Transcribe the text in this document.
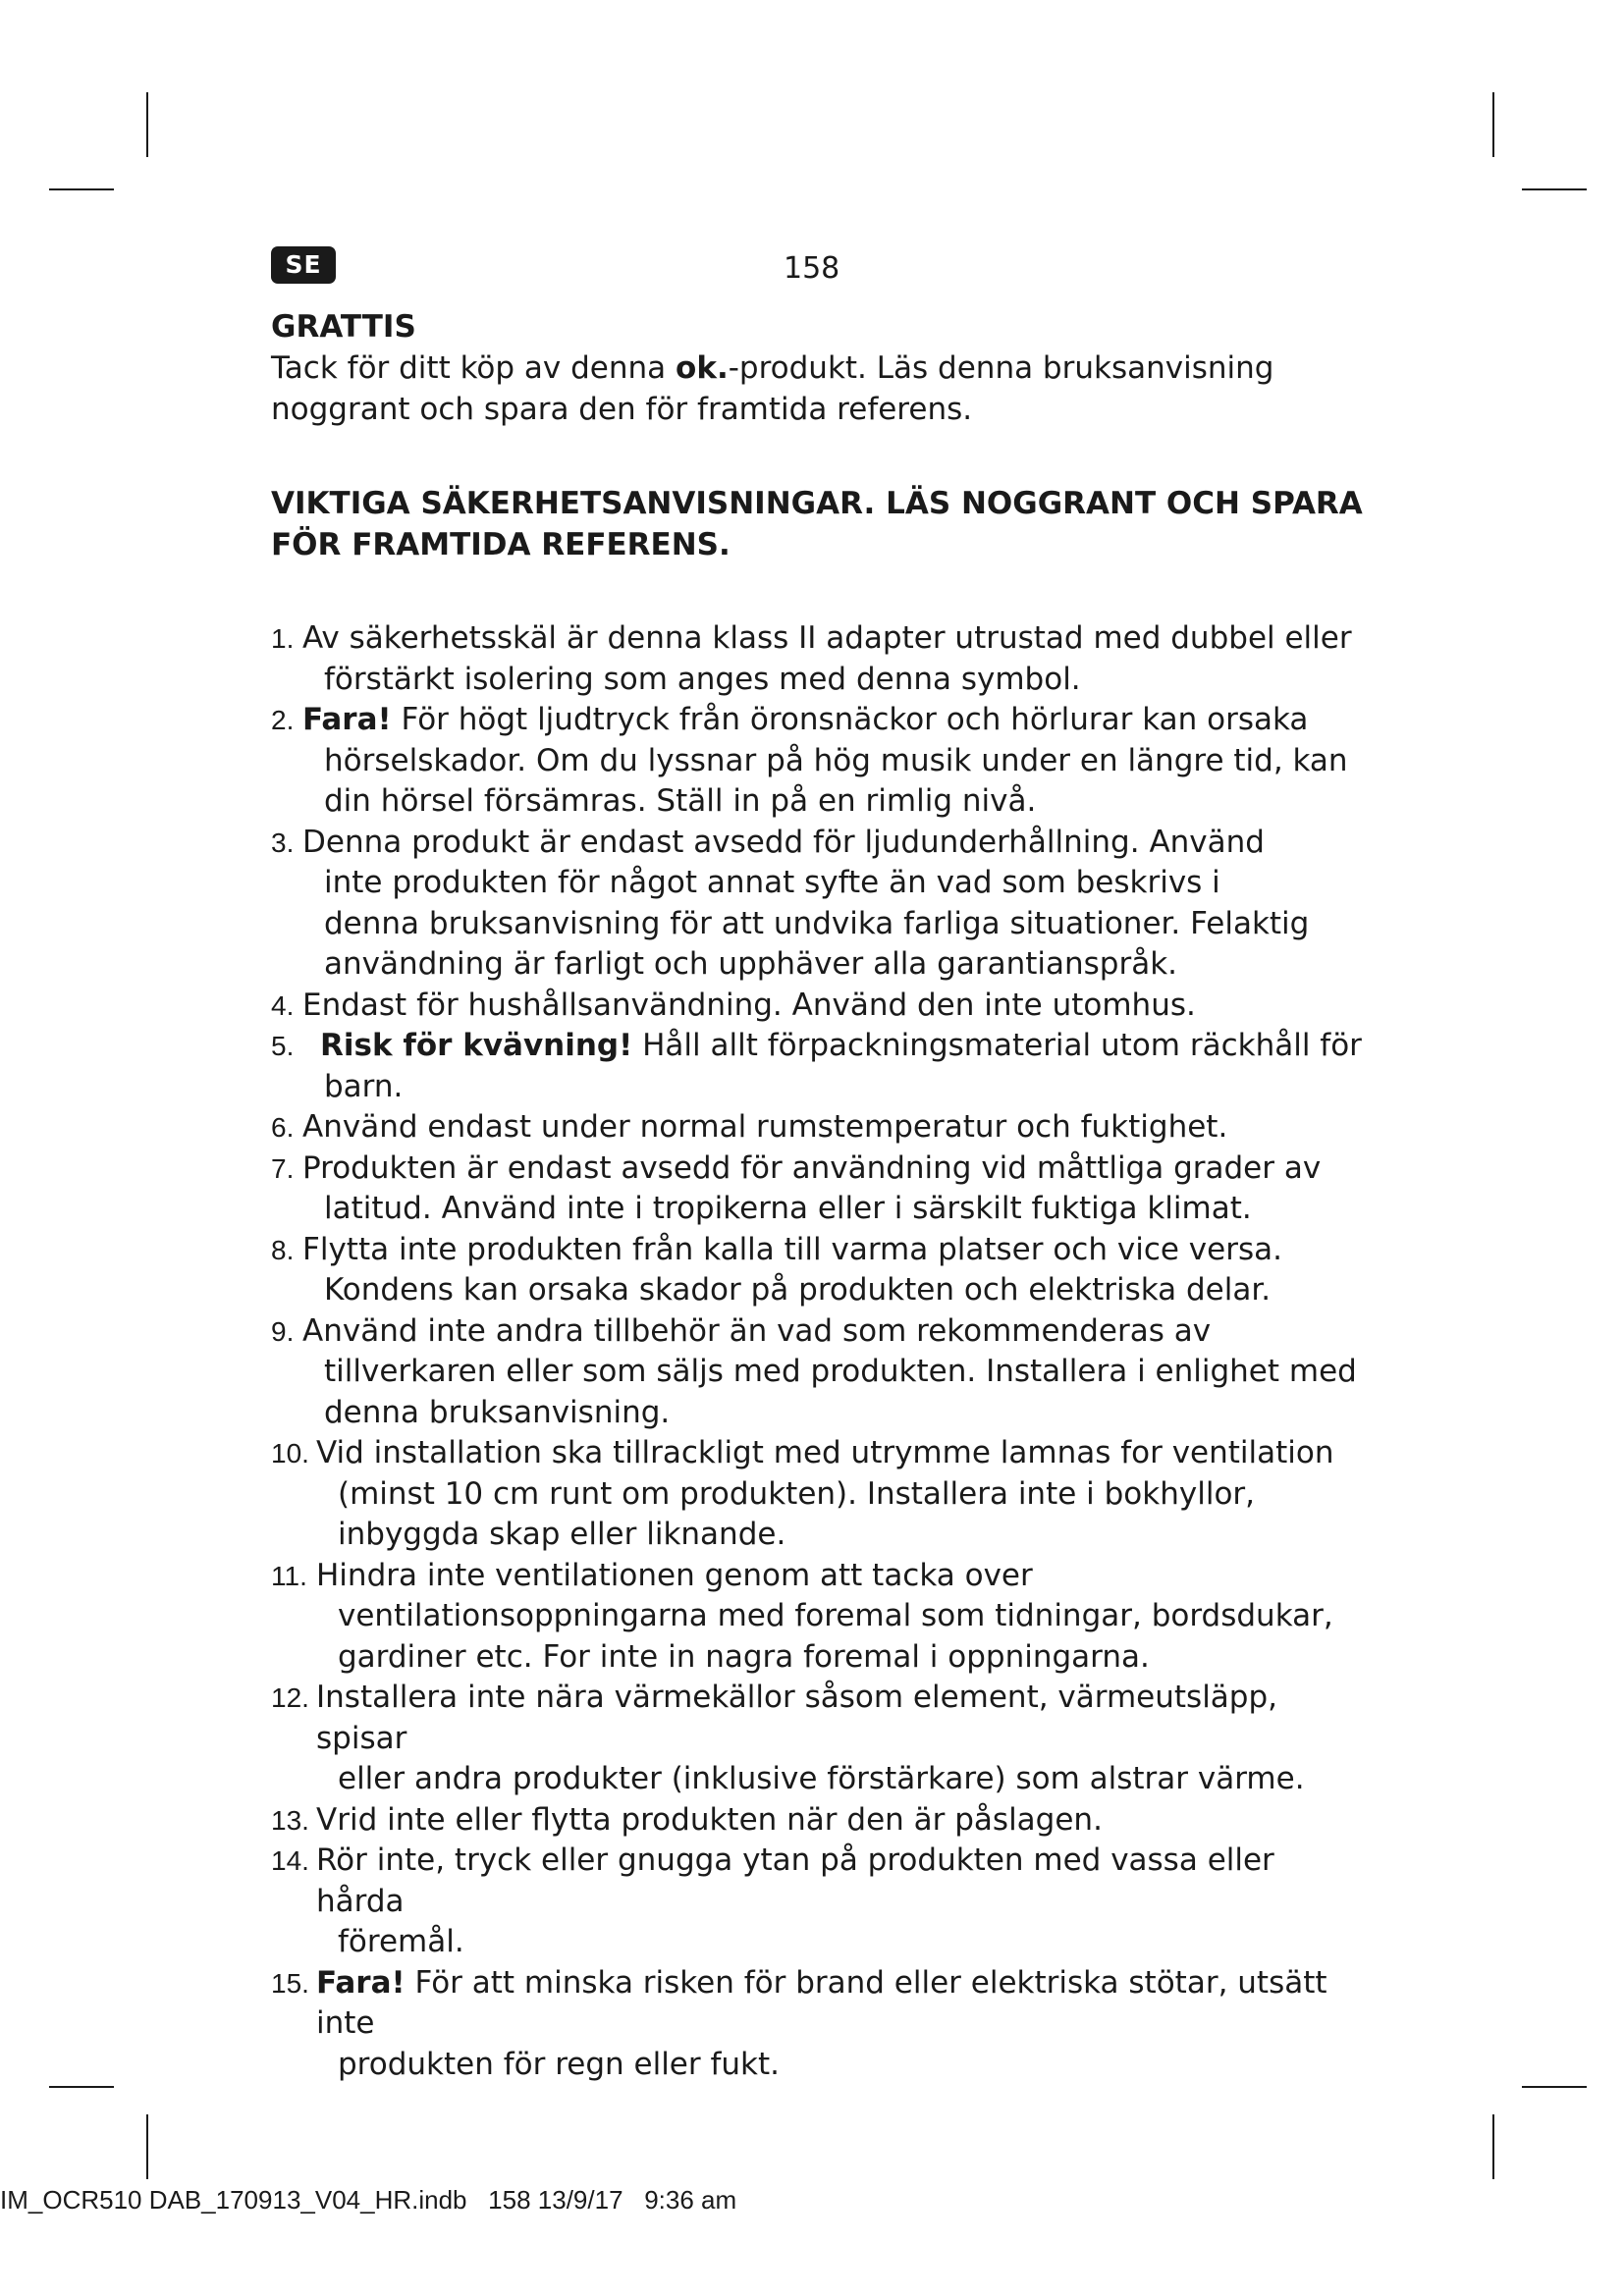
SE	158
GRATTIS

Tack för ditt köp av denna ok.-produkt. Läs denna bruksanvisning
noggrant och spara den för framtida referens.

VIKTIGA SÄKERHETSANVISNINGAR. LÄS NOGGRANT OCH SPARA
FÖR FRAMTIDA REFERENS.
1. Av säkerhetsskäl är denna klass II adapter utrustad med dubbel eller
förstärkt isolering som anges med denna symbol.
2. Fara! För högt ljudtryck från öronsnäckor och hörlurar kan orsaka
hörselskador. Om du lyssnar på hög musik under en längre tid, kan
din hörsel försämras. Ställ in på en rimlig nivå.
3. Denna produkt är endast avsedd för ljudunderhållning. Använd
inte produkten för något annat syfte än vad som beskrivs i
denna bruksanvisning för att undvika farliga situationer. Felaktig
användning är farligt och upphäver alla garantianspråk.
4. Endast för hushållsanvändning. Använd den inte utomhus.
5. Risk för kvävning! Håll allt förpackningsmaterial utom räckhåll för
barn.
6. Använd endast under normal rumstemperatur och fuktighet.
7. Produkten är endast avsedd för användning vid måttliga grader av
latitud. Använd inte i tropikerna eller i särskilt fuktiga klimat.
8. Flytta inte produkten från kalla till varma platser och vice versa.
Kondens kan orsaka skador på produkten och elektriska delar.
9. Använd inte andra tillbehör än vad som rekommenderas av
tillverkaren eller som säljs med produkten. Installera i enlighet med
denna bruksanvisning.
10. Vid installation ska tillrackligt med utrymme lamnas for ventilation
(minst 10 cm runt om produkten). Installera inte i bokhyllor,
inbyggda skap eller liknande.
11. Hindra inte ventilationen genom att tacka over
ventilationsoppningarna med foremal som tidningar, bordsdukar,
gardiner etc. For inte in nagra foremal i oppningarna.
12. Installera inte nära värmekällor såsom element, värmeutsläpp, spisar
eller andra produkter (inklusive förstärkare) som alstrar värme.
13. Vrid inte eller flytta produkten när den är påslagen.
14. Rör inte, tryck eller gnugga ytan på produkten med vassa eller hårda
föremål.
15. Fara! För att minska risken för brand eller elektriska stötar, utsätt inte
produkten för regn eller fukt.
IM_OCR510 DAB_170913_V04_HR.indb   158 13/9/17   9:36 am
